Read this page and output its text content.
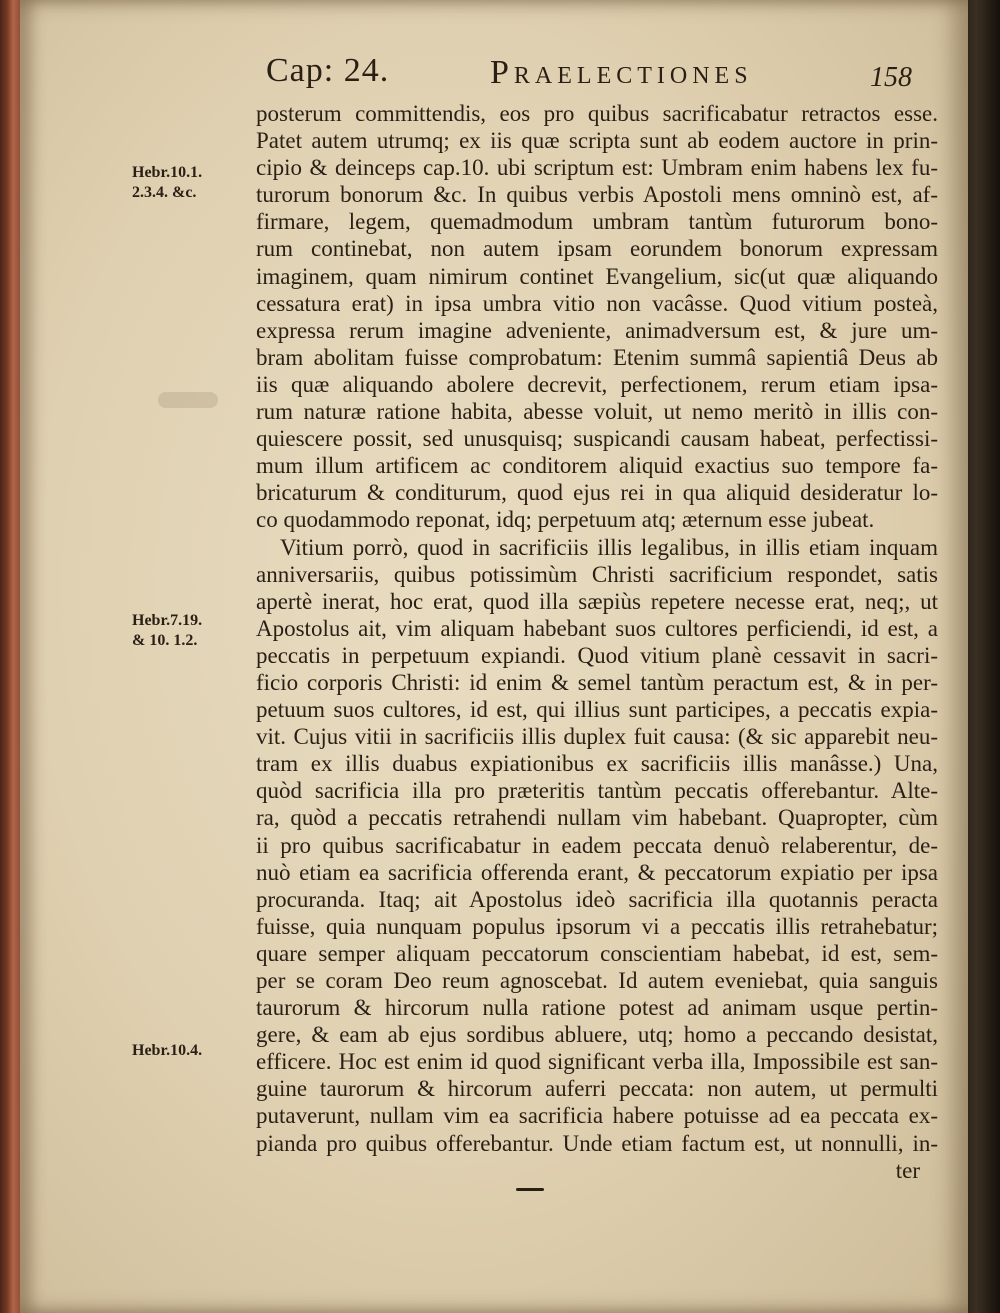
Cap: 24.	Praelectiones	158
Hebr.10.1.
2.3.4. &c.
Hebr.7.19.
& 10. 1.2.
Hebr.10.4.
posterum committendis, eos pro quibus sacrificabatur retractos esse.
Patet autem utrumq; ex iis quæ scripta sunt ab eodem auctore in prin-
cipio & deinceps cap.10. ubi scriptum est: Umbram enim habens lex fu-
turorum bonorum &c. In quibus verbis Apostoli mens omninò est, af-
firmare, legem, quemadmodum umbram tantùm futurorum bono-
rum continebat, non autem ipsam eorundem bonorum expressam
imaginem, quam nimirum continet Evangelium, sic(ut quæ aliquando
cessatura erat) in ipsa umbra vitio non vacâsse. Quod vitium posteà,
expressa rerum imagine adveniente, animadversum est, & jure um-
bram abolitam fuisse comprobatum: Etenim summâ sapientiâ Deus ab
iis quæ aliquando abolere decrevit, perfectionem, rerum etiam ipsa-
rum naturæ ratione habita, abesse voluit, ut nemo meritò in illis con-
quiescere possit, sed unusquisq; suspicandi causam habeat, perfectissi-
mum illum artificem ac conditorem aliquid exactius suo tempore fa-
bricaturum & conditurum, quod ejus rei in qua aliquid desideratur lo-
co quodammodo reponat, idq; perpetuum atq; æternum esse jubeat.
Vitium porrò, quod in sacrificiis illis legalibus, in illis etiam inquam
anniversariis, quibus potissimùm Christi sacrificium respondet, satis
apertè inerat, hoc erat, quod illa sæpiùs repetere necesse erat, neq;, ut
Apostolus ait, vim aliquam habebant suos cultores perficiendi, id est, a
peccatis in perpetuum expiandi. Quod vitium planè cessavit in sacri-
ficio corporis Christi: id enim & semel tantùm peractum est, & in per-
petuum suos cultores, id est, qui illius sunt participes, a peccatis expia-
vit. Cujus vitii in sacrificiis illis duplex fuit causa: (& sic apparebit neu-
tram ex illis duabus expiationibus ex sacrificiis illis manâsse.) Una,
quòd sacrificia illa pro præteritis tantùm peccatis offerebantur. Alte-
ra, quòd a peccatis retrahendi nullam vim habebant. Quapropter, cùm
ii pro quibus sacrificabatur in eadem peccata denuò relaberentur, de-
nuò etiam ea sacrificia offerenda erant, & peccatorum expiatio per ipsa
procuranda. Itaq; ait Apostolus ideò sacrificia illa quotannis peracta
fuisse, quia nunquam populus ipsorum vi a peccatis illis retrahebatur;
quare semper aliquam peccatorum conscientiam habebat, id est, sem-
per se coram Deo reum agnoscebat. Id autem eveniebat, quia sanguis
taurorum & hircorum nulla ratione potest ad animam usque pertin-
gere, & eam ab ejus sordibus abluere, utq; homo a peccando desistat,
efficere. Hoc est enim id quod significant verba illa, Impossibile est san-
guine taurorum & hircorum auferri peccata: non autem, ut permulti
putaverunt, nullam vim ea sacrificia habere potuisse ad ea peccata ex-
pianda pro quibus offerebantur. Unde etiam factum est, ut nonnulli, in-
ter
